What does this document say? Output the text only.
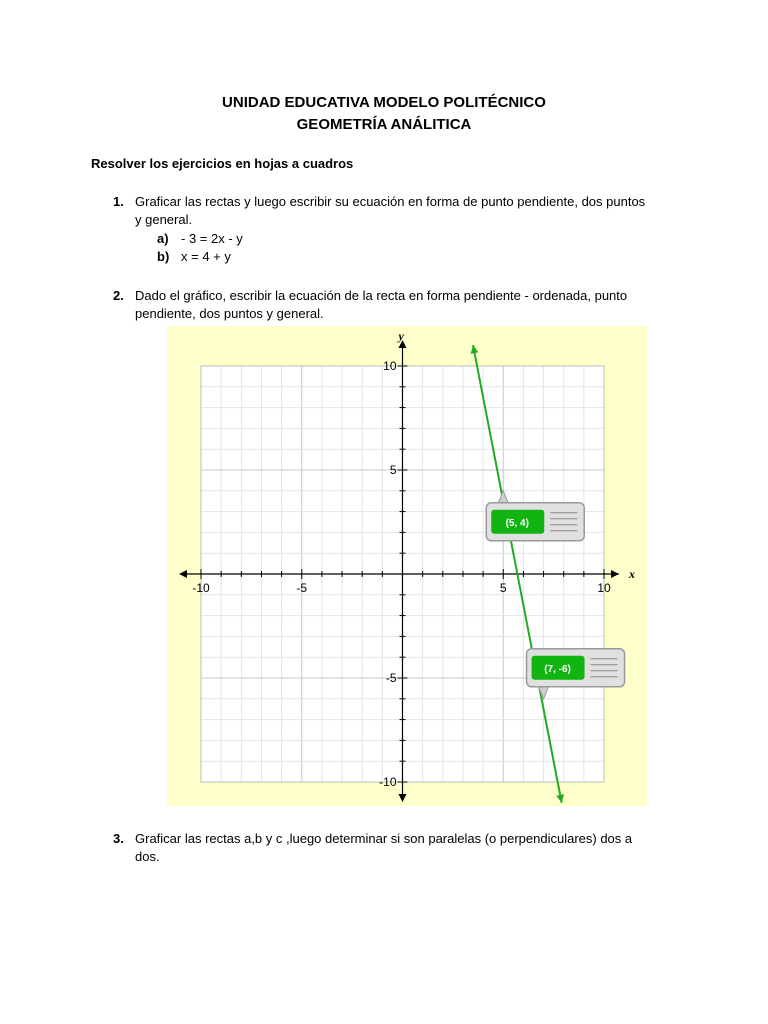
UNIDAD EDUCATIVA MODELO POLITÉCNICO
GEOMETRÍA ANÁLITICA
Resolver los ejercicios en hojas a cuadros
1. Graficar las rectas y luego escribir su ecuación en forma de punto pendiente, dos puntos
y general.
a) - 3 = 2x - y
b) x = 4 + y
2. Dado el gráfico, escribir la ecuación de la recta en forma pendiente - ordenada, punto
pendiente, dos puntos y general.
-10	-5	5	10
10
5
-5
-10
x
y
(5, 4)
(7, -6)
3. Graficar las rectas a,b y c ,luego determinar si son paralelas (o perpendiculares) dos a
dos.
